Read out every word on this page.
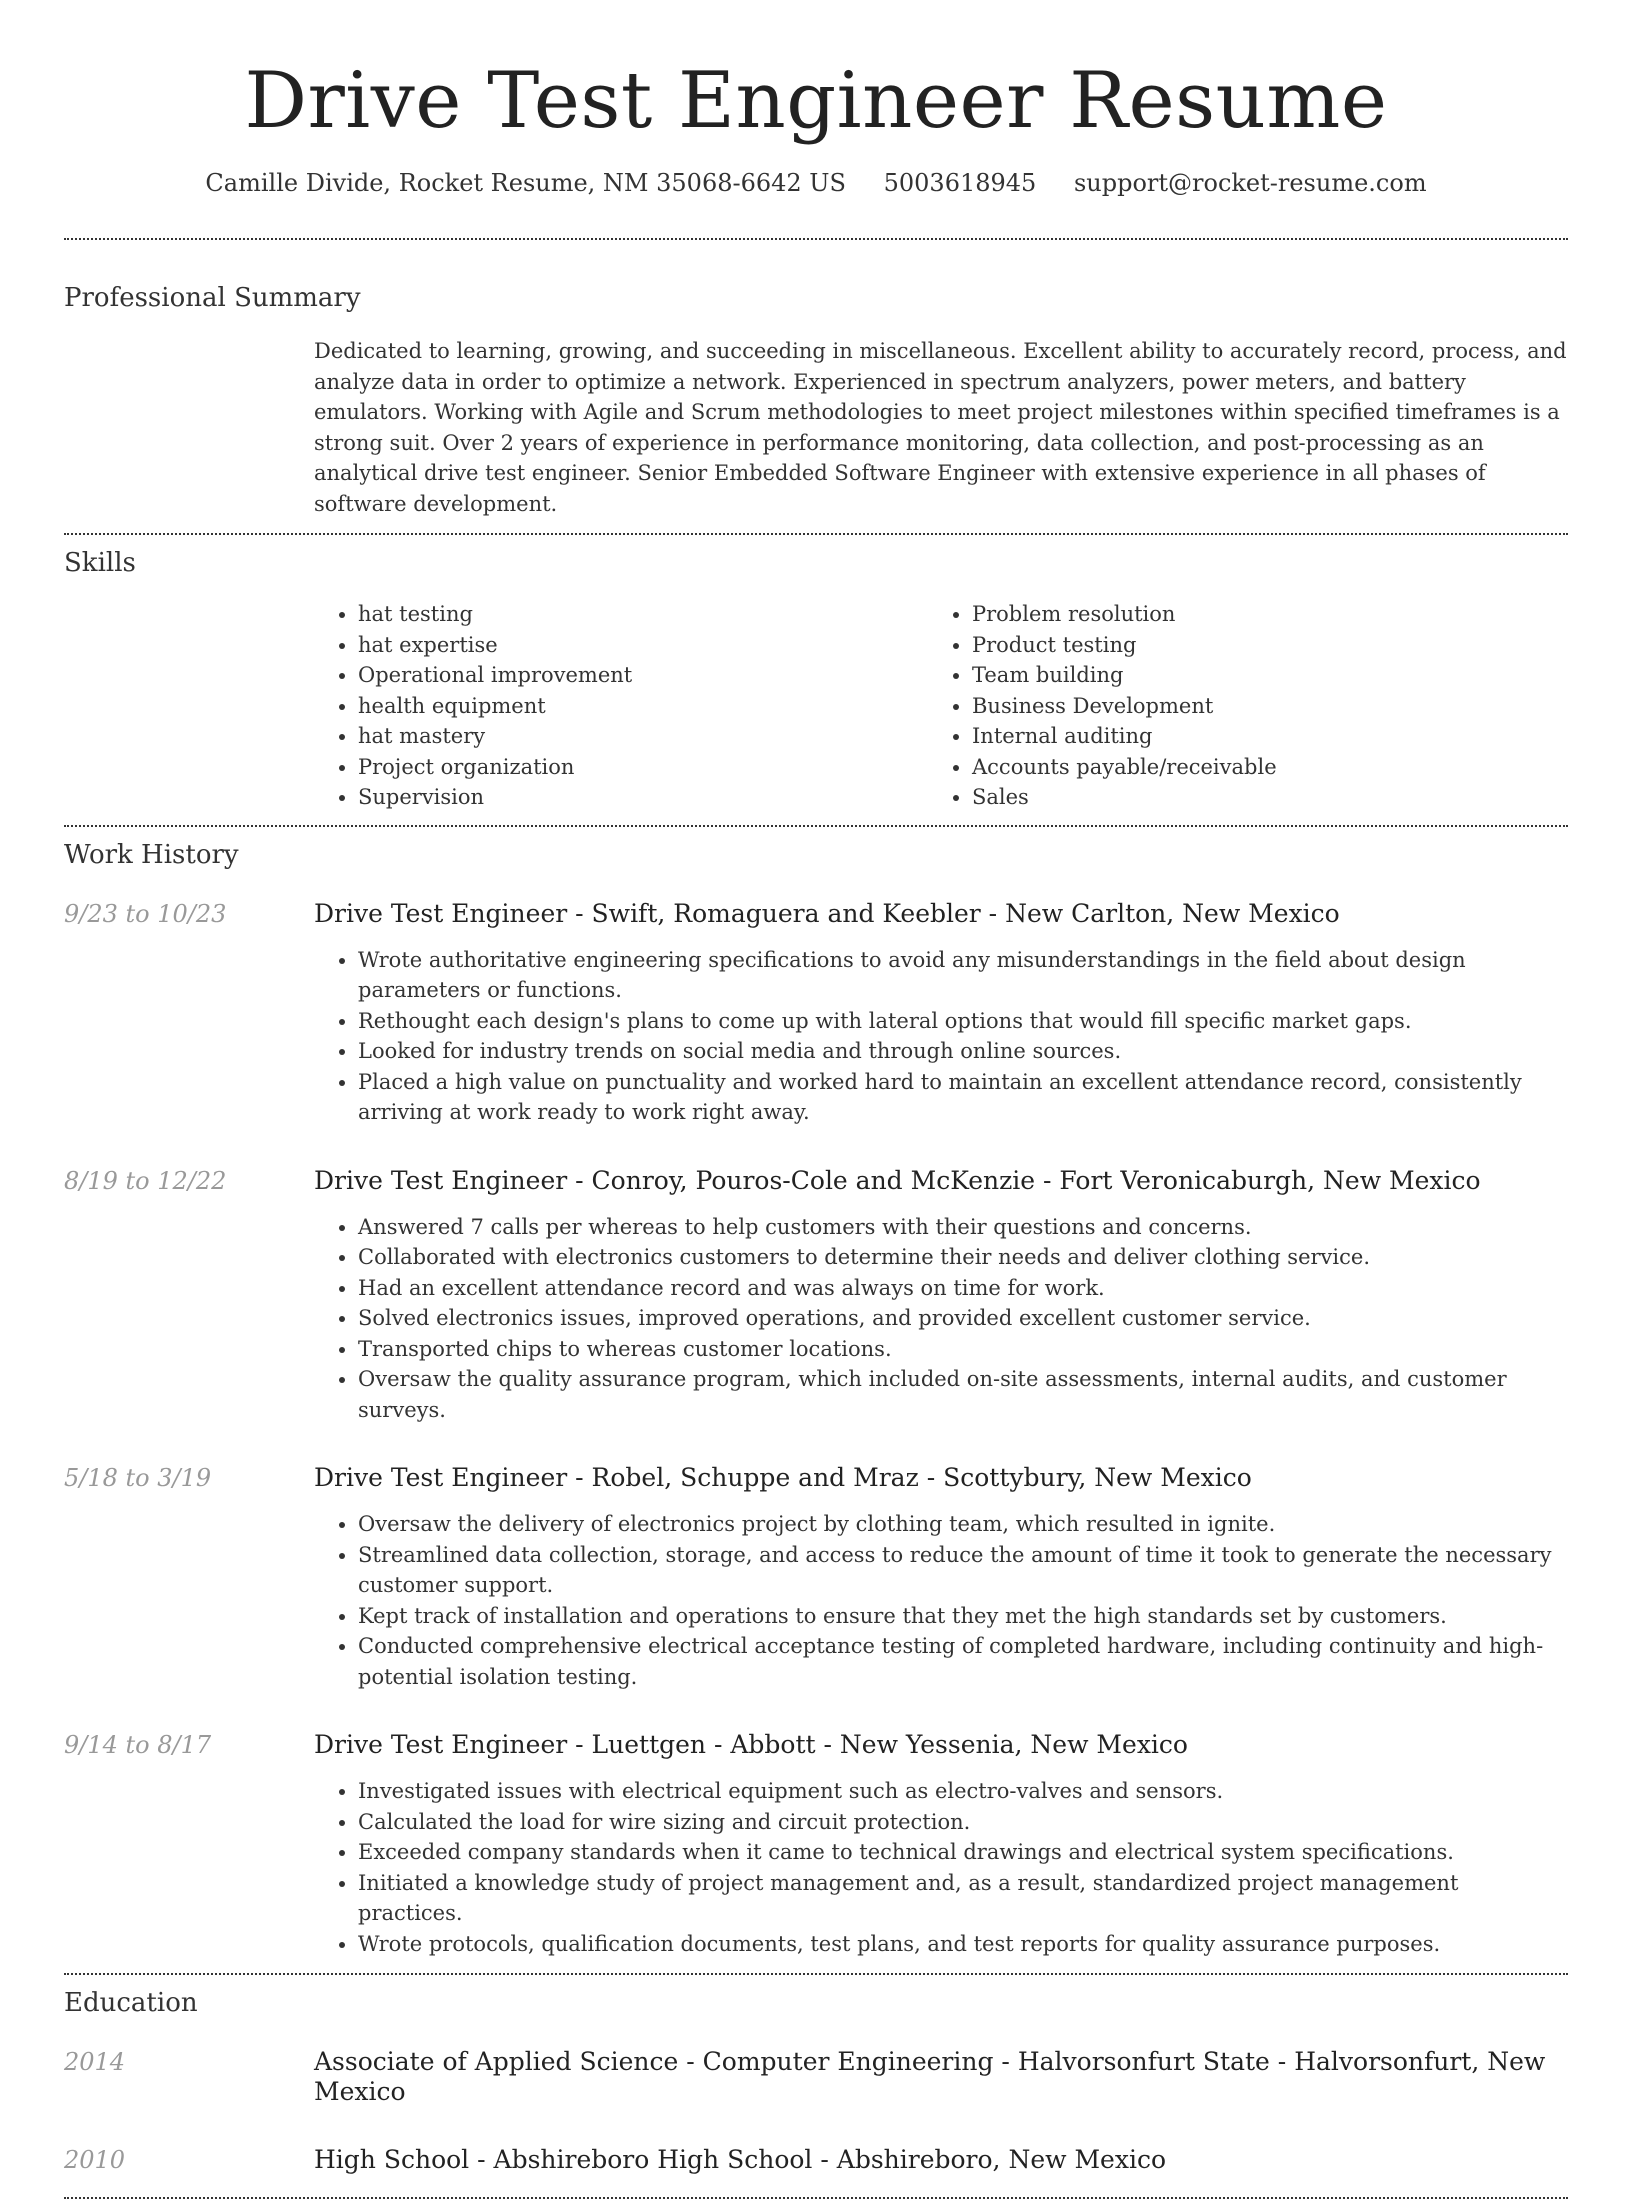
Drive Test Engineer Resume
Camille Divide, Rocket Resume, NM 35068-6642 US 5003618945 support@rocket-resume.com
Professional Summary
Dedicated to learning, growing, and succeeding in miscellaneous. Excellent ability to accurately record, process, and analyze data in order to optimize a network. Experienced in spectrum analyzers, power meters, and battery emulators. Working with Agile and Scrum methodologies to meet project milestones within specified timeframes is a strong suit. Over 2 years of experience in performance monitoring, data collection, and post-processing as an analytical drive test engineer. Senior Embedded Software Engineer with extensive experience in all phases of software development.
Skills
• hat testing
• hat expertise
• Operational improvement
• health equipment
• hat mastery
• Project organization
• Supervision
• Problem resolution
• Product testing
• Team building
• Business Development
• Internal auditing
• Accounts payable/receivable
• Sales
Work History
9/23 to 10/23	Drive Test Engineer - Swift, Romaguera and Keebler - New Carlton, New Mexico
• Wrote authoritative engineering specifications to avoid any misunderstandings in the field about design parameters or functions.
• Rethought each design's plans to come up with lateral options that would fill specific market gaps.
• Looked for industry trends on social media and through online sources.
• Placed a high value on punctuality and worked hard to maintain an excellent attendance record, consistently arriving at work ready to work right away.
8/19 to 12/22	Drive Test Engineer - Conroy, Pouros-Cole and McKenzie - Fort Veronicaburgh, New Mexico
• Answered 7 calls per whereas to help customers with their questions and concerns.
• Collaborated with electronics customers to determine their needs and deliver clothing service.
• Had an excellent attendance record and was always on time for work.
• Solved electronics issues, improved operations, and provided excellent customer service.
• Transported chips to whereas customer locations.
• Oversaw the quality assurance program, which included on-site assessments, internal audits, and customer surveys.
5/18 to 3/19	Drive Test Engineer - Robel, Schuppe and Mraz - Scottybury, New Mexico
• Oversaw the delivery of electronics project by clothing team, which resulted in ignite.
• Streamlined data collection, storage, and access to reduce the amount of time it took to generate the necessary customer support.
• Kept track of installation and operations to ensure that they met the high standards set by customers.
• Conducted comprehensive electrical acceptance testing of completed hardware, including continuity and high-potential isolation testing.
9/14 to 8/17	Drive Test Engineer - Luettgen - Abbott - New Yessenia, New Mexico
• Investigated issues with electrical equipment such as electro-valves and sensors.
• Calculated the load for wire sizing and circuit protection.
• Exceeded company standards when it came to technical drawings and electrical system specifications.
• Initiated a knowledge study of project management and, as a result, standardized project management practices.
• Wrote protocols, qualification documents, test plans, and test reports for quality assurance purposes.
Education
2014	Associate of Applied Science - Computer Engineering - Halvorsonfurt State - Halvorsonfurt, New Mexico
2010	High School - Abshireboro High School - Abshireboro, New Mexico
